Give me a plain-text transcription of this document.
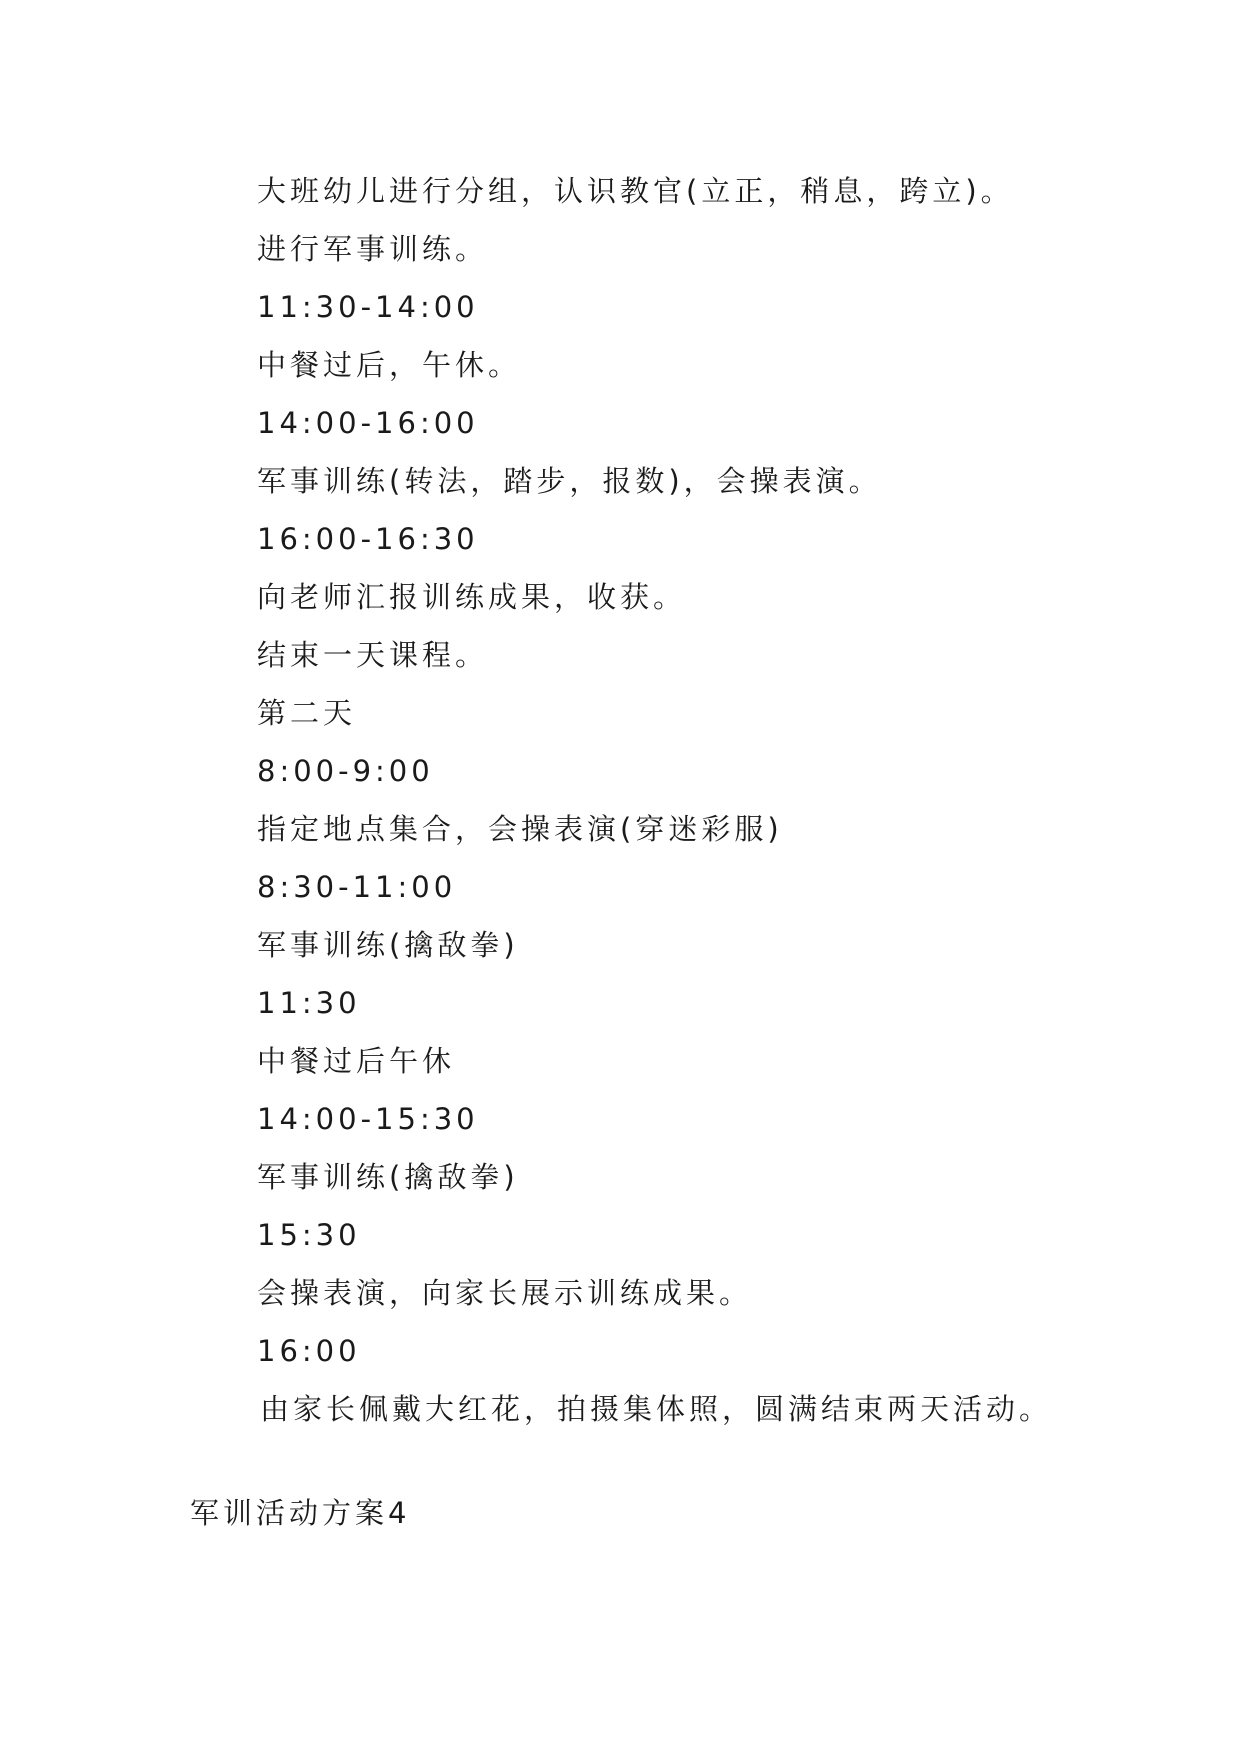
大班幼儿进行分组，认识教官(立正，稍息，跨立)。
进行军事训练。
11:30-14:00
中餐过后，午休。
14:00-16:00
军事训练(转法，踏步，报数)，会操表演。
16:00-16:30
向老师汇报训练成果，收获。
结束一天课程。
第二天
8:00-9:00
指定地点集合，会操表演(穿迷彩服)
8:30-11:00
军事训练(擒敌拳)
11:30
中餐过后午休
14:00-15:30
军事训练(擒敌拳)
15:30
会操表演，向家长展示训练成果。
16:00
由家长佩戴大红花，拍摄集体照，圆满结束两天活动。
军训活动方案4
